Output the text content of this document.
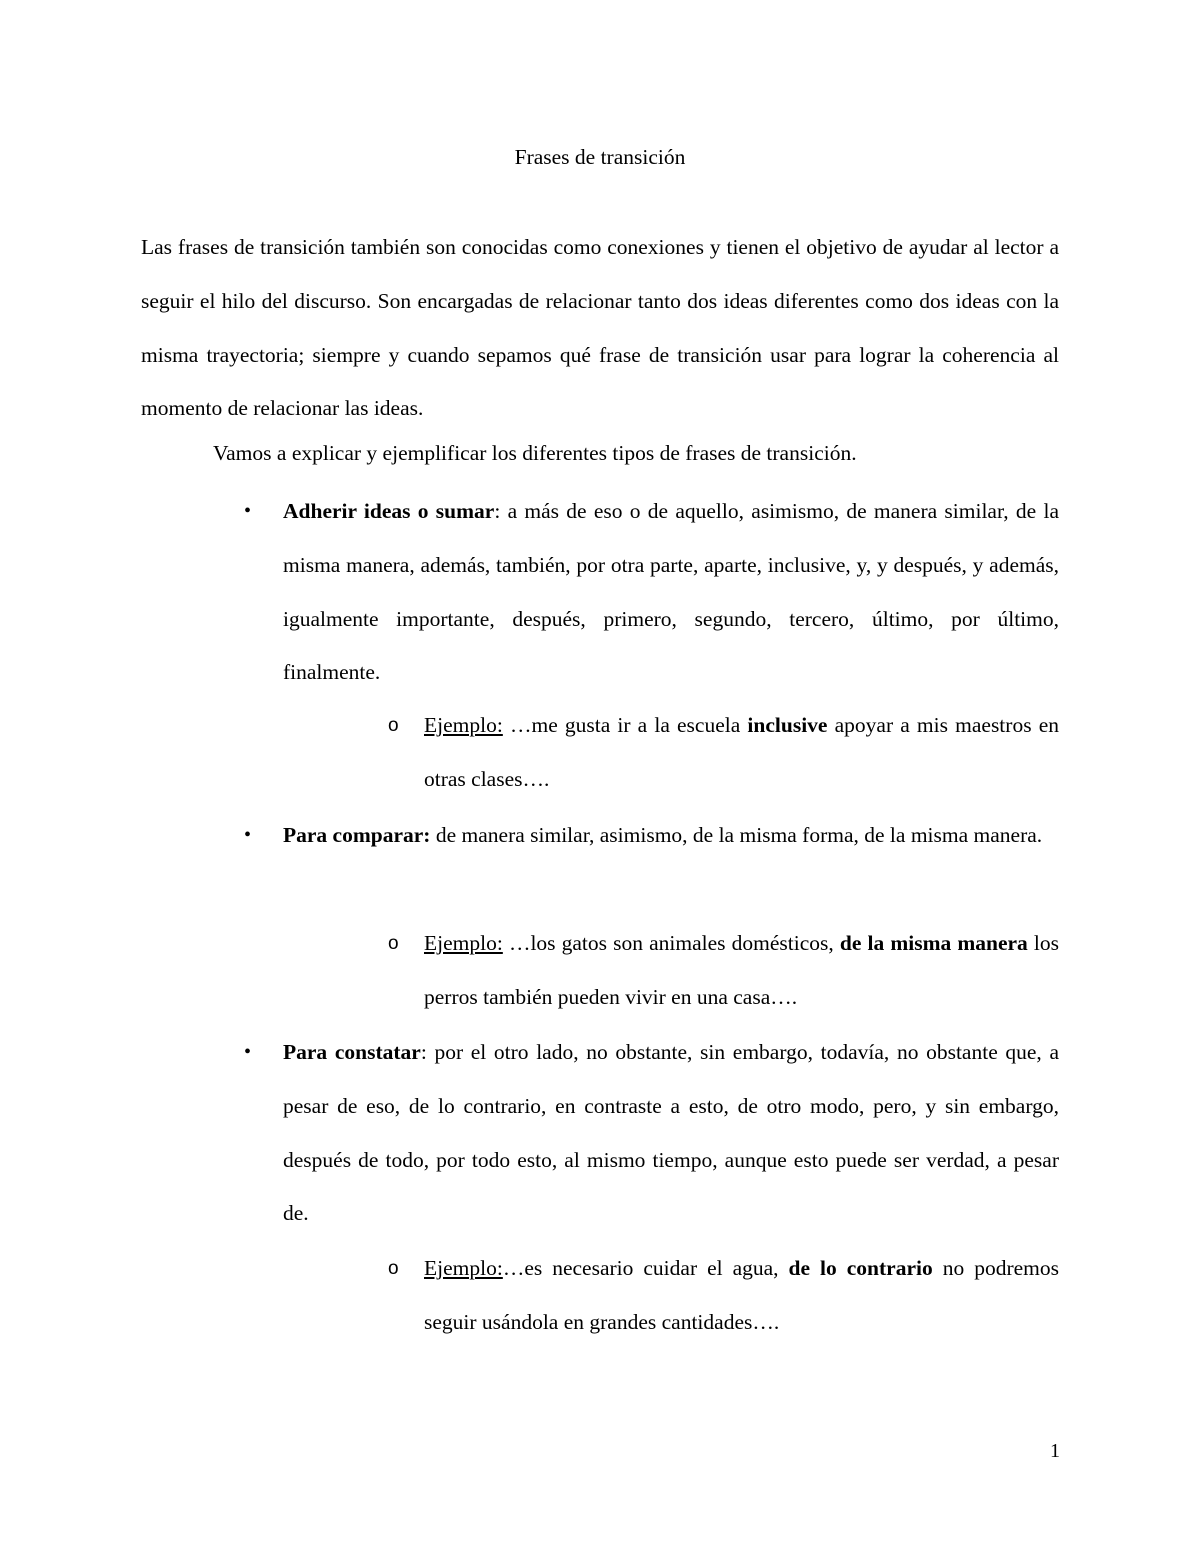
Frases de transición

Las frases de transición también son conocidas como conexiones y tienen el objetivo de ayudar al lector a seguir el hilo del discurso. Son encargadas de relacionar tanto dos ideas diferentes como dos ideas con la misma trayectoria; siempre y cuando sepamos qué frase de transición usar para lograr la coherencia al momento de relacionar las ideas.

Vamos a explicar y ejemplificar los diferentes tipos de frases de transición.

•	Adherir ideas o sumar: a más de eso o de aquello, asimismo, de manera similar, de la misma manera, además, también, por otra parte, aparte, inclusive, y, y después, y además, igualmente importante, después, primero, segundo, tercero, último, por último, finalmente.

o	Ejemplo: …me gusta ir a la escuela inclusive apoyar a mis maestros en otras clases….

•	Para comparar: de manera similar, asimismo, de la misma forma, de la misma manera.

o	Ejemplo: …los gatos son animales domésticos, de la misma manera los perros también pueden vivir en una casa….

•	Para constatar: por el otro lado, no obstante, sin embargo, todavía, no obstante que, a pesar de eso, de lo contrario, en contraste a esto, de otro modo, pero, y sin embargo, después de todo, por todo esto, al mismo tiempo, aunque esto puede ser verdad, a pesar de.

o	Ejemplo:…es necesario cuidar el agua, de lo contrario no podremos seguir usándola en grandes cantidades….

1
